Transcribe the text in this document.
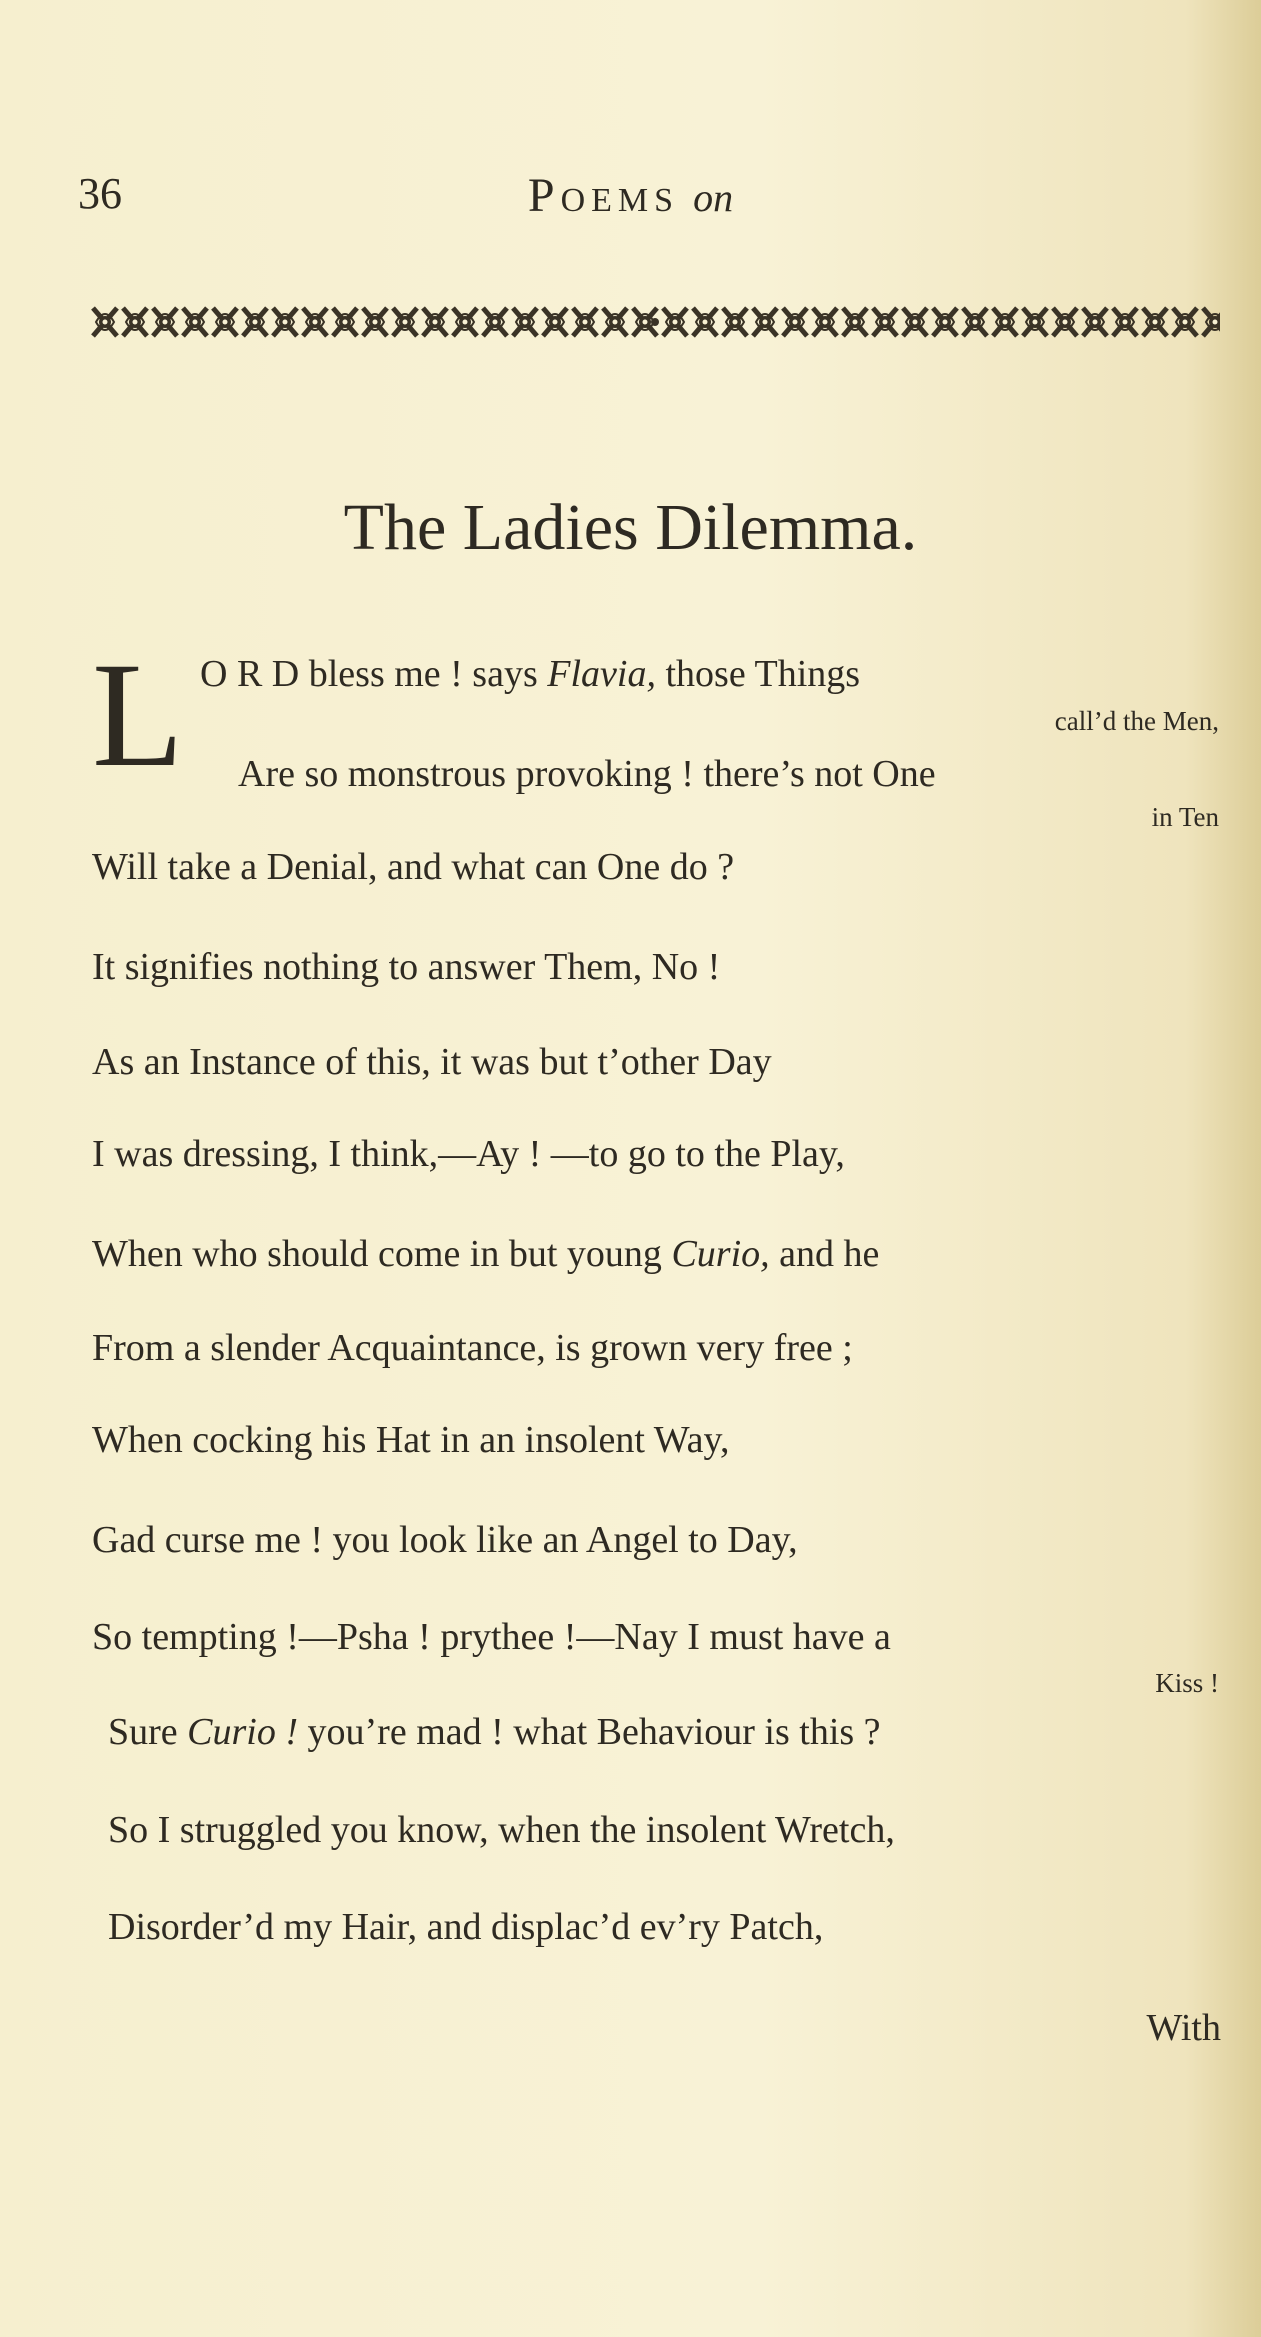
36	POEMS on
The Ladies Dilemma.
L O R D bless me ! says Flavia, those Things
call’d the Men,
Are so monstrous provoking ! there’s not One
in Ten
Will take a Denial, and what can One do ?
It signifies nothing to answer Them, No !
As an Instance of this, it was but t’other Day
I was dressing, I think,—Ay ! —to go to the Play,
When who should come in but young Curio, and he
From a slender Acquaintance, is grown very free ;
When cocking his Hat in an insolent Way,
Gad curse me ! you look like an Angel to Day,
So tempting !—Psha ! prythee !—Nay I must have a
Kiss !
Sure Curio ! you’re mad ! what Behaviour is this ?
So I struggled you know, when the insolent Wretch,
Disorder’d my Hair, and displac’d ev’ry Patch,
With
